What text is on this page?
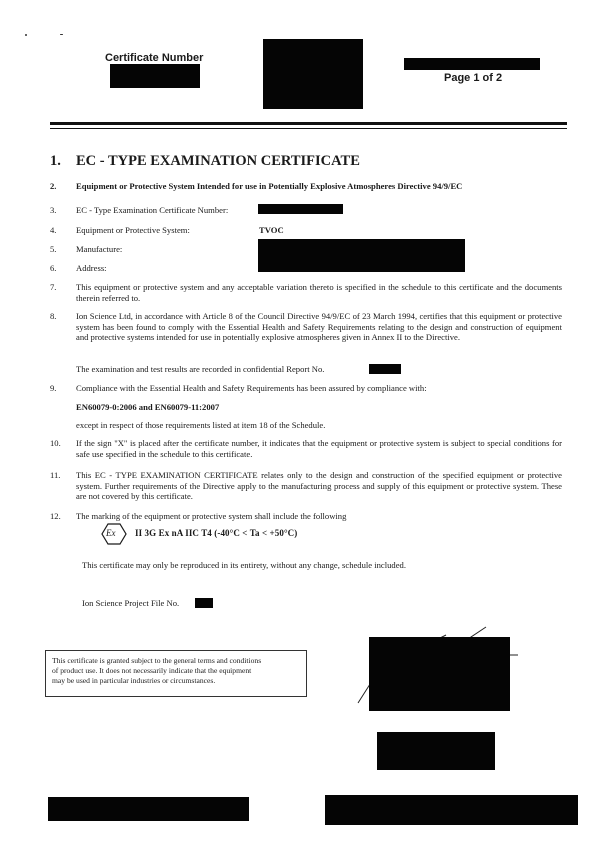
Certificate Number
Page 1 of 2
1. EC - TYPE EXAMINATION CERTIFICATE
2.	Equipment or Protective System Intended for use in Potentially Explosive Atmospheres Directive 94/9/EC
3.	EC - Type Examination Certificate Number:
4.	Equipment or Protective System:	TVOC
5.	Manufacture:
6.	Address:
7.	This equipment or protective system and any acceptable variation thereto is specified in the schedule to this certificate and the documents therein referred to.
8.	Ion Science Ltd, in accordance with Article 8 of the Council Directive 94/9/EC of 23 March 1994, certifies that this equipment or protective system has been found to comply with the Essential Health and Safety Requirements relating to the design and construction of equipment and protective systems intended for use in potentially explosive atmospheres given in Annex II to the Directive.
The examination and test results are recorded in confidential Report No.
9.	Compliance with the Essential Health and Safety Requirements has been assured by compliance with:
EN60079-0:2006 and EN60079-11:2007
except in respect of those requirements listed at item 18 of the Schedule.
10.	If the sign "X" is placed after the certificate number, it indicates that the equipment or protective system is subject to special conditions for safe use specified in the schedule to this certificate.
11.	This EC - TYPE EXAMINATION CERTIFICATE relates only to the design and construction of the specified equipment or protective system. Further requirements of the Directive apply to the manufacturing process and supply of this equipment or protective system. These are not covered by this certificate.
12.	The marking of the equipment or protective system shall include the following
Ex II 3G Ex nA IIC T4 (-40°C < Ta < +50°C)
This certificate may only be reproduced in its entirety, without any change, schedule included.
Ion Science Project File No.
This certificate is granted subject to the general terms and conditions
of product use. It does not necessarily indicate that the equipment
may be used in particular industries or circumstances.
